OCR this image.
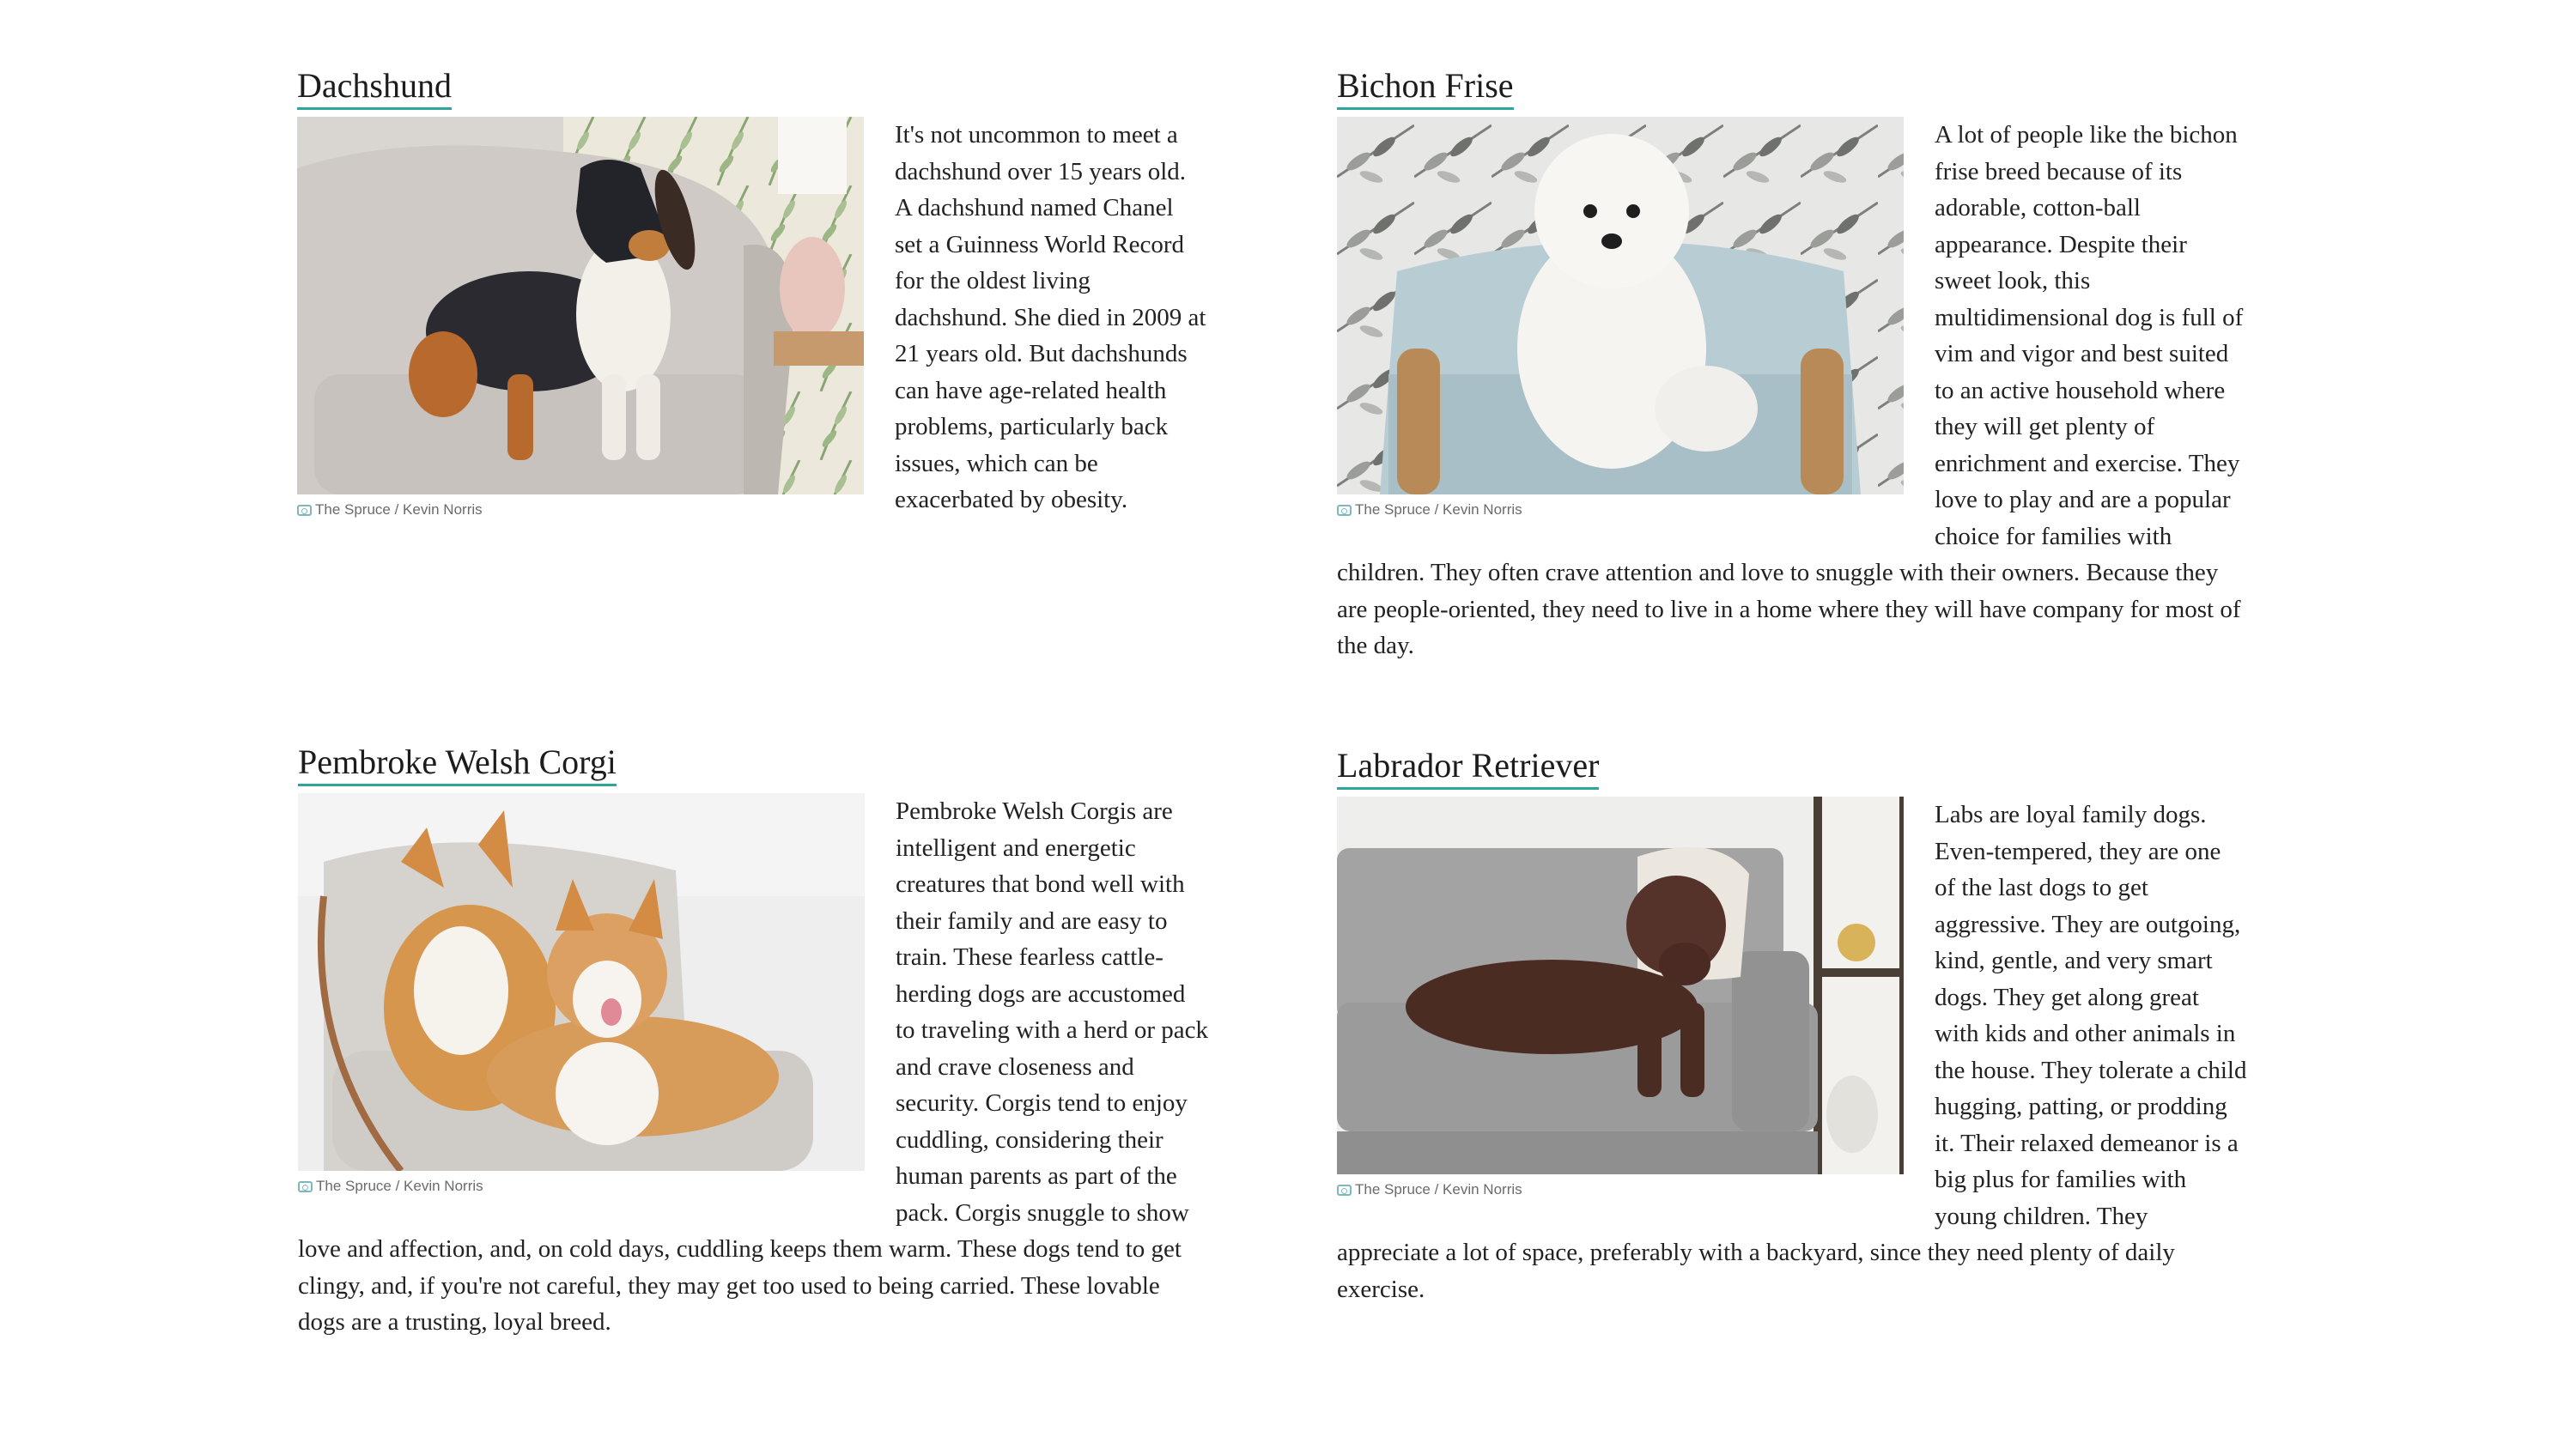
Dachshund
The Spruce / Kevin Norris

It's not uncommon to meet a dachshund over 15 years old. A dachshund named Chanel set a Guinness World Record for the oldest living dachshund. She died in 2009 at 21 years old. But dachshunds can have age-related health problems, particularly back issues, which can be exacerbated by obesity.

Bichon Frise
The Spruce / Kevin Norris

A lot of people like the bichon frise breed because of its adorable, cotton-ball appearance. Despite their sweet look, this multidimensional dog is full of vim and vigor and best suited to an active household where they will get plenty of enrichment and exercise. They love to play and are a popular choice for families with children. They often crave attention and love to snuggle with their owners. Because they are people-oriented, they need to live in a home where they will have company for most of the day.

Pembroke Welsh Corgi
The Spruce / Kevin Norris

Pembroke Welsh Corgis are intelligent and energetic creatures that bond well with their family and are easy to train. These fearless cattle-herding dogs are accustomed to traveling with a herd or pack and crave closeness and security. Corgis tend to enjoy cuddling, considering their human parents as part of the pack. Corgis snuggle to show love and affection, and, on cold days, cuddling keeps them warm. These dogs tend to get clingy, and, if you're not careful, they may get too used to being carried. These lovable dogs are a trusting, loyal breed.

Labrador Retriever
The Spruce / Kevin Norris

Labs are loyal family dogs. Even-tempered, they are one of the last dogs to get aggressive. They are outgoing, kind, gentle, and very smart dogs. They get along great with kids and other animals in the house. They tolerate a child hugging, patting, or prodding it. Their relaxed demeanor is a big plus for families with young children. They appreciate a lot of space, preferably with a backyard, since they need plenty of daily exercise.
